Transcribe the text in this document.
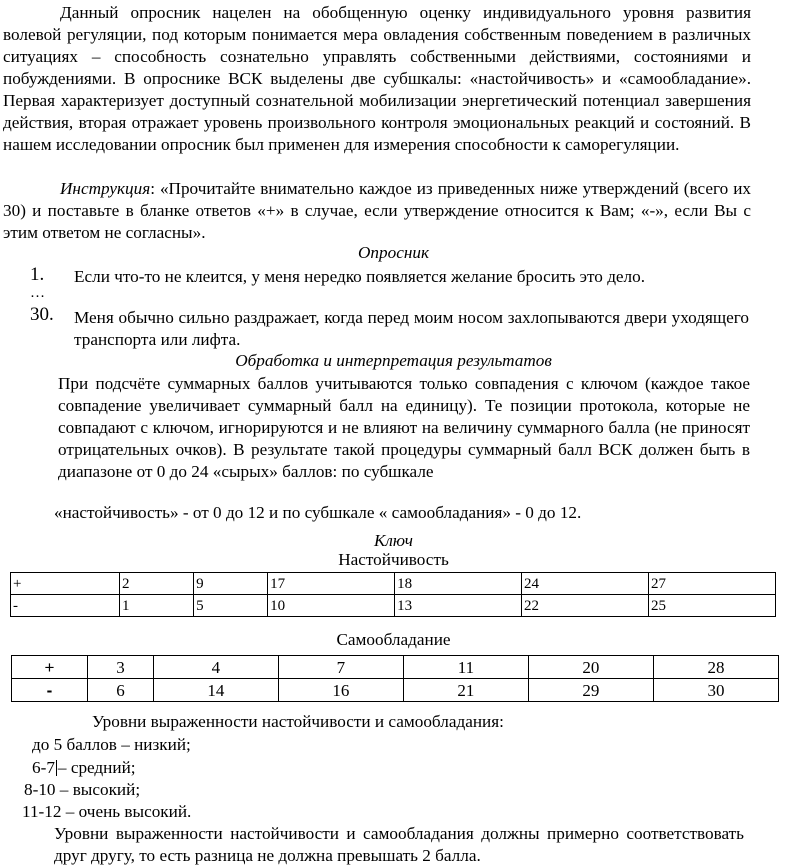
Данный опросник нацелен на обобщенную оценку индивидуального уровня развития волевой регуляции, под которым понимается мера овладения собственным поведением в различных ситуациях – способность сознательно управлять собственными действиями, состояниями и побуждениями. В опроснике ВСК выделены две субшкалы: «настойчивость» и «самообладание». Первая характеризует доступный сознательной мобилизации энергетический потенциал завершения действия, вторая отражает уровень произвольного контроля эмоциональных реакций и состояний. В нашем исследовании опросник был применен для измерения способности к саморегуляции.
Инструкция: «Прочитайте внимательно каждое из приведенных ниже утверждений (всего их 30) и поставьте в бланке ответов «+» в случае, если утверждение относится к Вам; «-», если Вы с этим ответом не согласны».
Опросник
1. Если что-то не клеится, у меня нередко появляется желание бросить это дело.
…
30. Меня обычно сильно раздражает, когда перед моим носом захлопываются двери уходящего транспорта или лифта.
Обработка и интерпретация результатов
При подсчёте суммарных баллов учитываются только совпадения с ключом (каждое такое совпадение увеличивает суммарный балл на единицу). Те позиции протокола, которые не совпадают с ключом, игнорируются и не влияют на величину суммарного балла (не приносят отрицательных очков). В результате такой процедуры суммарный балл ВСК должен быть в диапазоне от 0 до 24 «сырых» баллов: по субшкале
«настойчивость» - от 0 до 12 и по субшкале « самообладания» - 0 до 12.
Ключ
Настойчивость
+	2	9	17	18	24	27
-	1	5	10	13	22	25
Самообладание
+	3	4	7	11	20	28
-	6	14	16	21	29	30
Уровни выраженности настойчивости и самообладания:
до 5 баллов – низкий;
6-7 – средний;
8-10 – высокий;
11-12 – очень высокий.
Уровни выраженности настойчивости и самообладания должны примерно соответствовать друг другу, то есть разница не должна превышать 2 балла.
